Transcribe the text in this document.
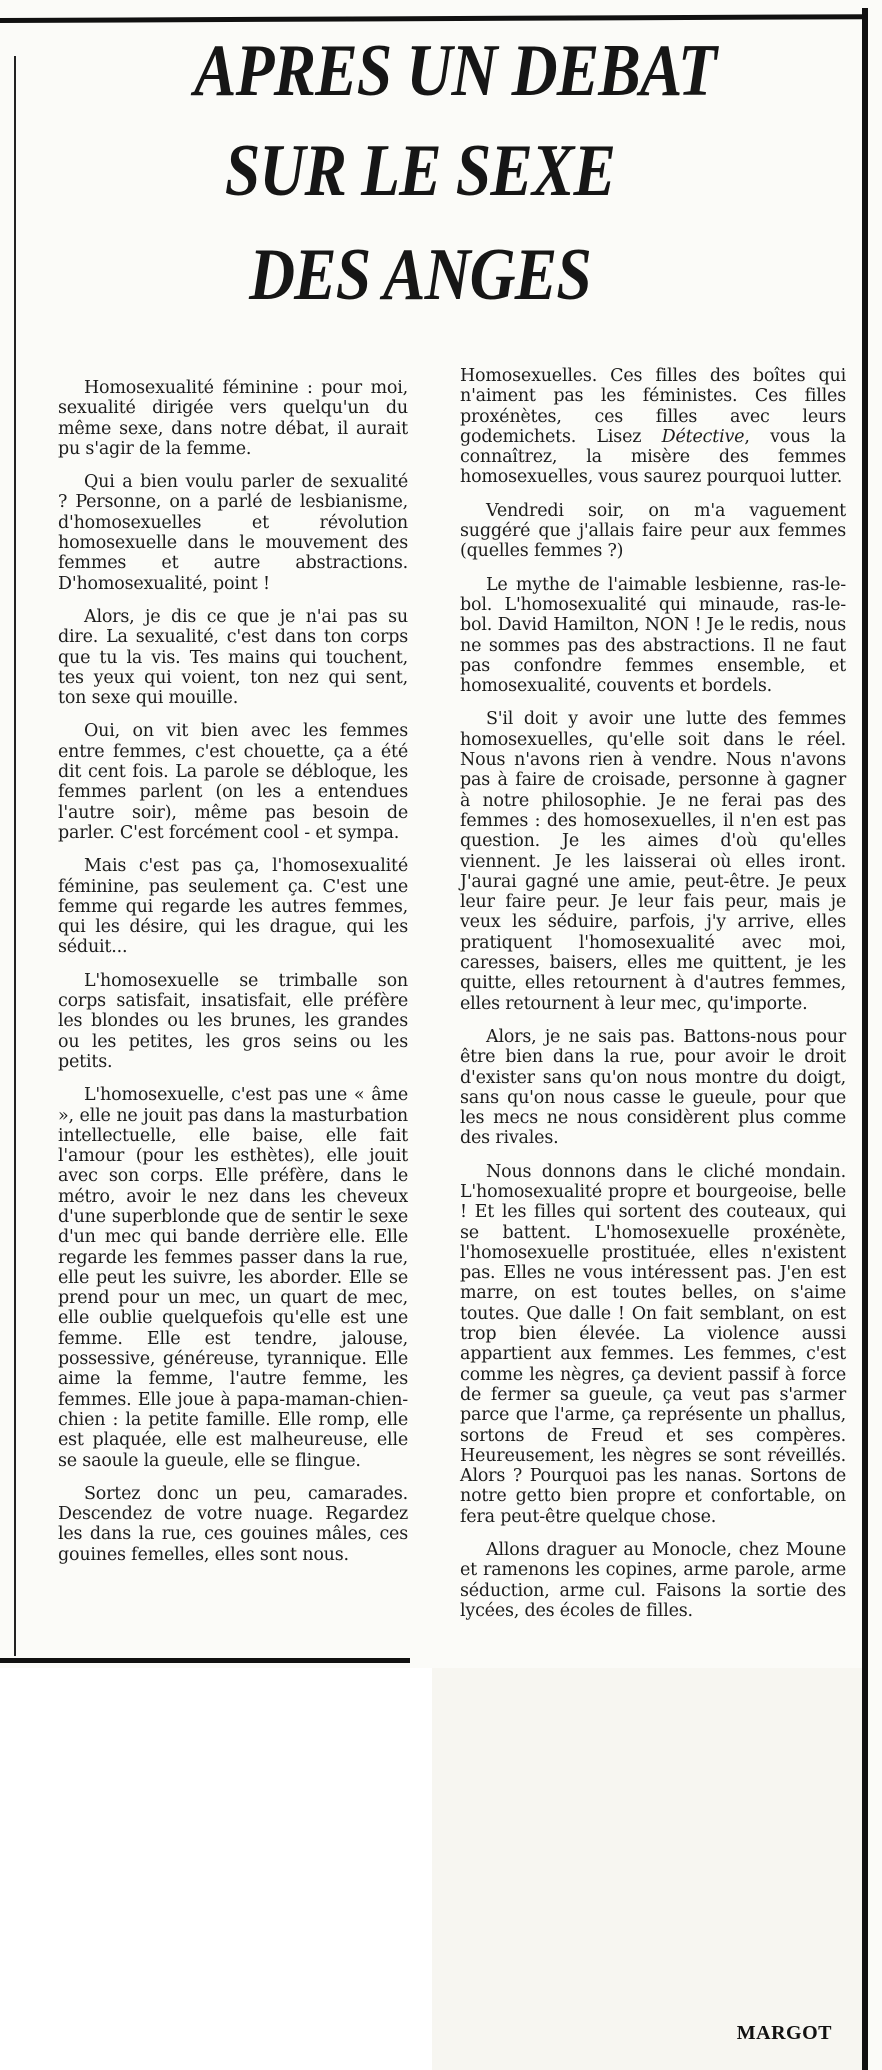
APRES UN DEBAT
SUR LE SEXE
DES ANGES

Homosexualité féminine : pour moi, sexualité dirigée vers quelqu'un du même sexe, dans notre débat, il aurait pu s'agir de la femme.

Qui a bien voulu parler de sexualité ? Personne, on a parlé de lesbianisme, d'homosexuelles et révolution homosexuelle dans le mouvement des femmes et autre abstractions. D'homosexualité, point !

Alors, je dis ce que je n'ai pas su dire. La sexualité, c'est dans ton corps que tu la vis. Tes mains qui touchent, tes yeux qui voient, ton nez qui sent, ton sexe qui mouille.

Oui, on vit bien avec les femmes entre femmes, c'est chouette, ça a été dit cent fois. La parole se débloque, les femmes parlent (on les a entendues l'autre soir), même pas besoin de parler. C'est forcément cool - et sympa.

Mais c'est pas ça, l'homosexualité féminine, pas seulement ça. C'est une femme qui regarde les autres femmes, qui les désire, qui les drague, qui les séduit...

L'homosexuelle se trimballe son corps satisfait, insatisfait, elle préfère les blondes ou les brunes, les grandes ou les petites, les gros seins ou les petits.

L'homosexuelle, c'est pas une « âme », elle ne jouit pas dans la masturbation intellectuelle, elle baise, elle fait l'amour (pour les esthètes), elle jouit avec son corps. Elle préfère, dans le métro, avoir le nez dans les cheveux d'une superblonde que de sentir le sexe d'un mec qui bande derrière elle. Elle regarde les femmes passer dans la rue, elle peut les suivre, les aborder. Elle se prend pour un mec, un quart de mec, elle oublie quelquefois qu'elle est une femme. Elle est tendre, jalouse, possessive, généreuse, tyrannique. Elle aime la femme, l'autre femme, les femmes. Elle joue à papa-maman-chien-chien : la petite famille. Elle romp, elle est plaquée, elle est malheureuse, elle se saoule la gueule, elle se flingue.

Sortez donc un peu, camarades. Descendez de votre nuage. Regardez les dans la rue, ces gouines mâles, ces gouines femelles, elles sont nous.

Homosexuelles. Ces filles des boîtes qui n'aiment pas les féministes. Ces filles proxénètes, ces filles avec leurs godemichets. Lisez Détective, vous la connaîtrez, la misère des femmes homosexuelles, vous saurez pourquoi lutter.

Vendredi soir, on m'a vaguement suggéré que j'allais faire peur aux femmes (quelles femmes ?)

Le mythe de l'aimable lesbienne, ras-le-bol. L'homosexualité qui minaude, ras-le-bol. David Hamilton, NON ! Je le redis, nous ne sommes pas des abstractions. Il ne faut pas confondre femmes ensemble, et homosexualité, couvents et bordels.

S'il doit y avoir une lutte des femmes homosexuelles, qu'elle soit dans le réel. Nous n'avons rien à vendre. Nous n'avons pas à faire de croisade, personne à gagner à notre philosophie. Je ne ferai pas des femmes : des homosexuelles, il n'en est pas question. Je les aimes d'où qu'elles viennent. Je les laisserai où elles iront. J'aurai gagné une amie, peut-être. Je peux leur faire peur. Je leur fais peur, mais je veux les séduire, parfois, j'y arrive, elles pratiquent l'homosexualité avec moi, caresses, baisers, elles me quittent, je les quitte, elles retournent à d'autres femmes, elles retournent à leur mec, qu'importe.

Alors, je ne sais pas. Battons-nous pour être bien dans la rue, pour avoir le droit d'exister sans qu'on nous montre du doigt, sans qu'on nous casse le gueule, pour que les mecs ne nous considèrent plus comme des rivales.

Nous donnons dans le cliché mondain. L'homosexualité propre et bourgeoise, belle ! Et les filles qui sortent des couteaux, qui se battent. L'homosexuelle proxénète, l'homosexuelle prostituée, elles n'existent pas. Elles ne vous intéressent pas. J'en est marre, on est toutes belles, on s'aime toutes. Que dalle ! On fait semblant, on est trop bien élevée. La violence aussi appartient aux femmes. Les femmes, c'est comme les nègres, ça devient passif à force de fermer sa gueule, ça veut pas s'armer parce que l'arme, ça représente un phallus, sortons de Freud et ses compères. Heureusement, les nègres se sont réveillés. Alors ? Pourquoi pas les nanas. Sortons de notre getto bien propre et confortable, on fera peut-être quelque chose.

Allons draguer au Monocle, chez Moune et ramenons les copines, arme parole, arme séduction, arme cul. Faisons la sortie des lycées, des écoles de filles.

MARGOT
